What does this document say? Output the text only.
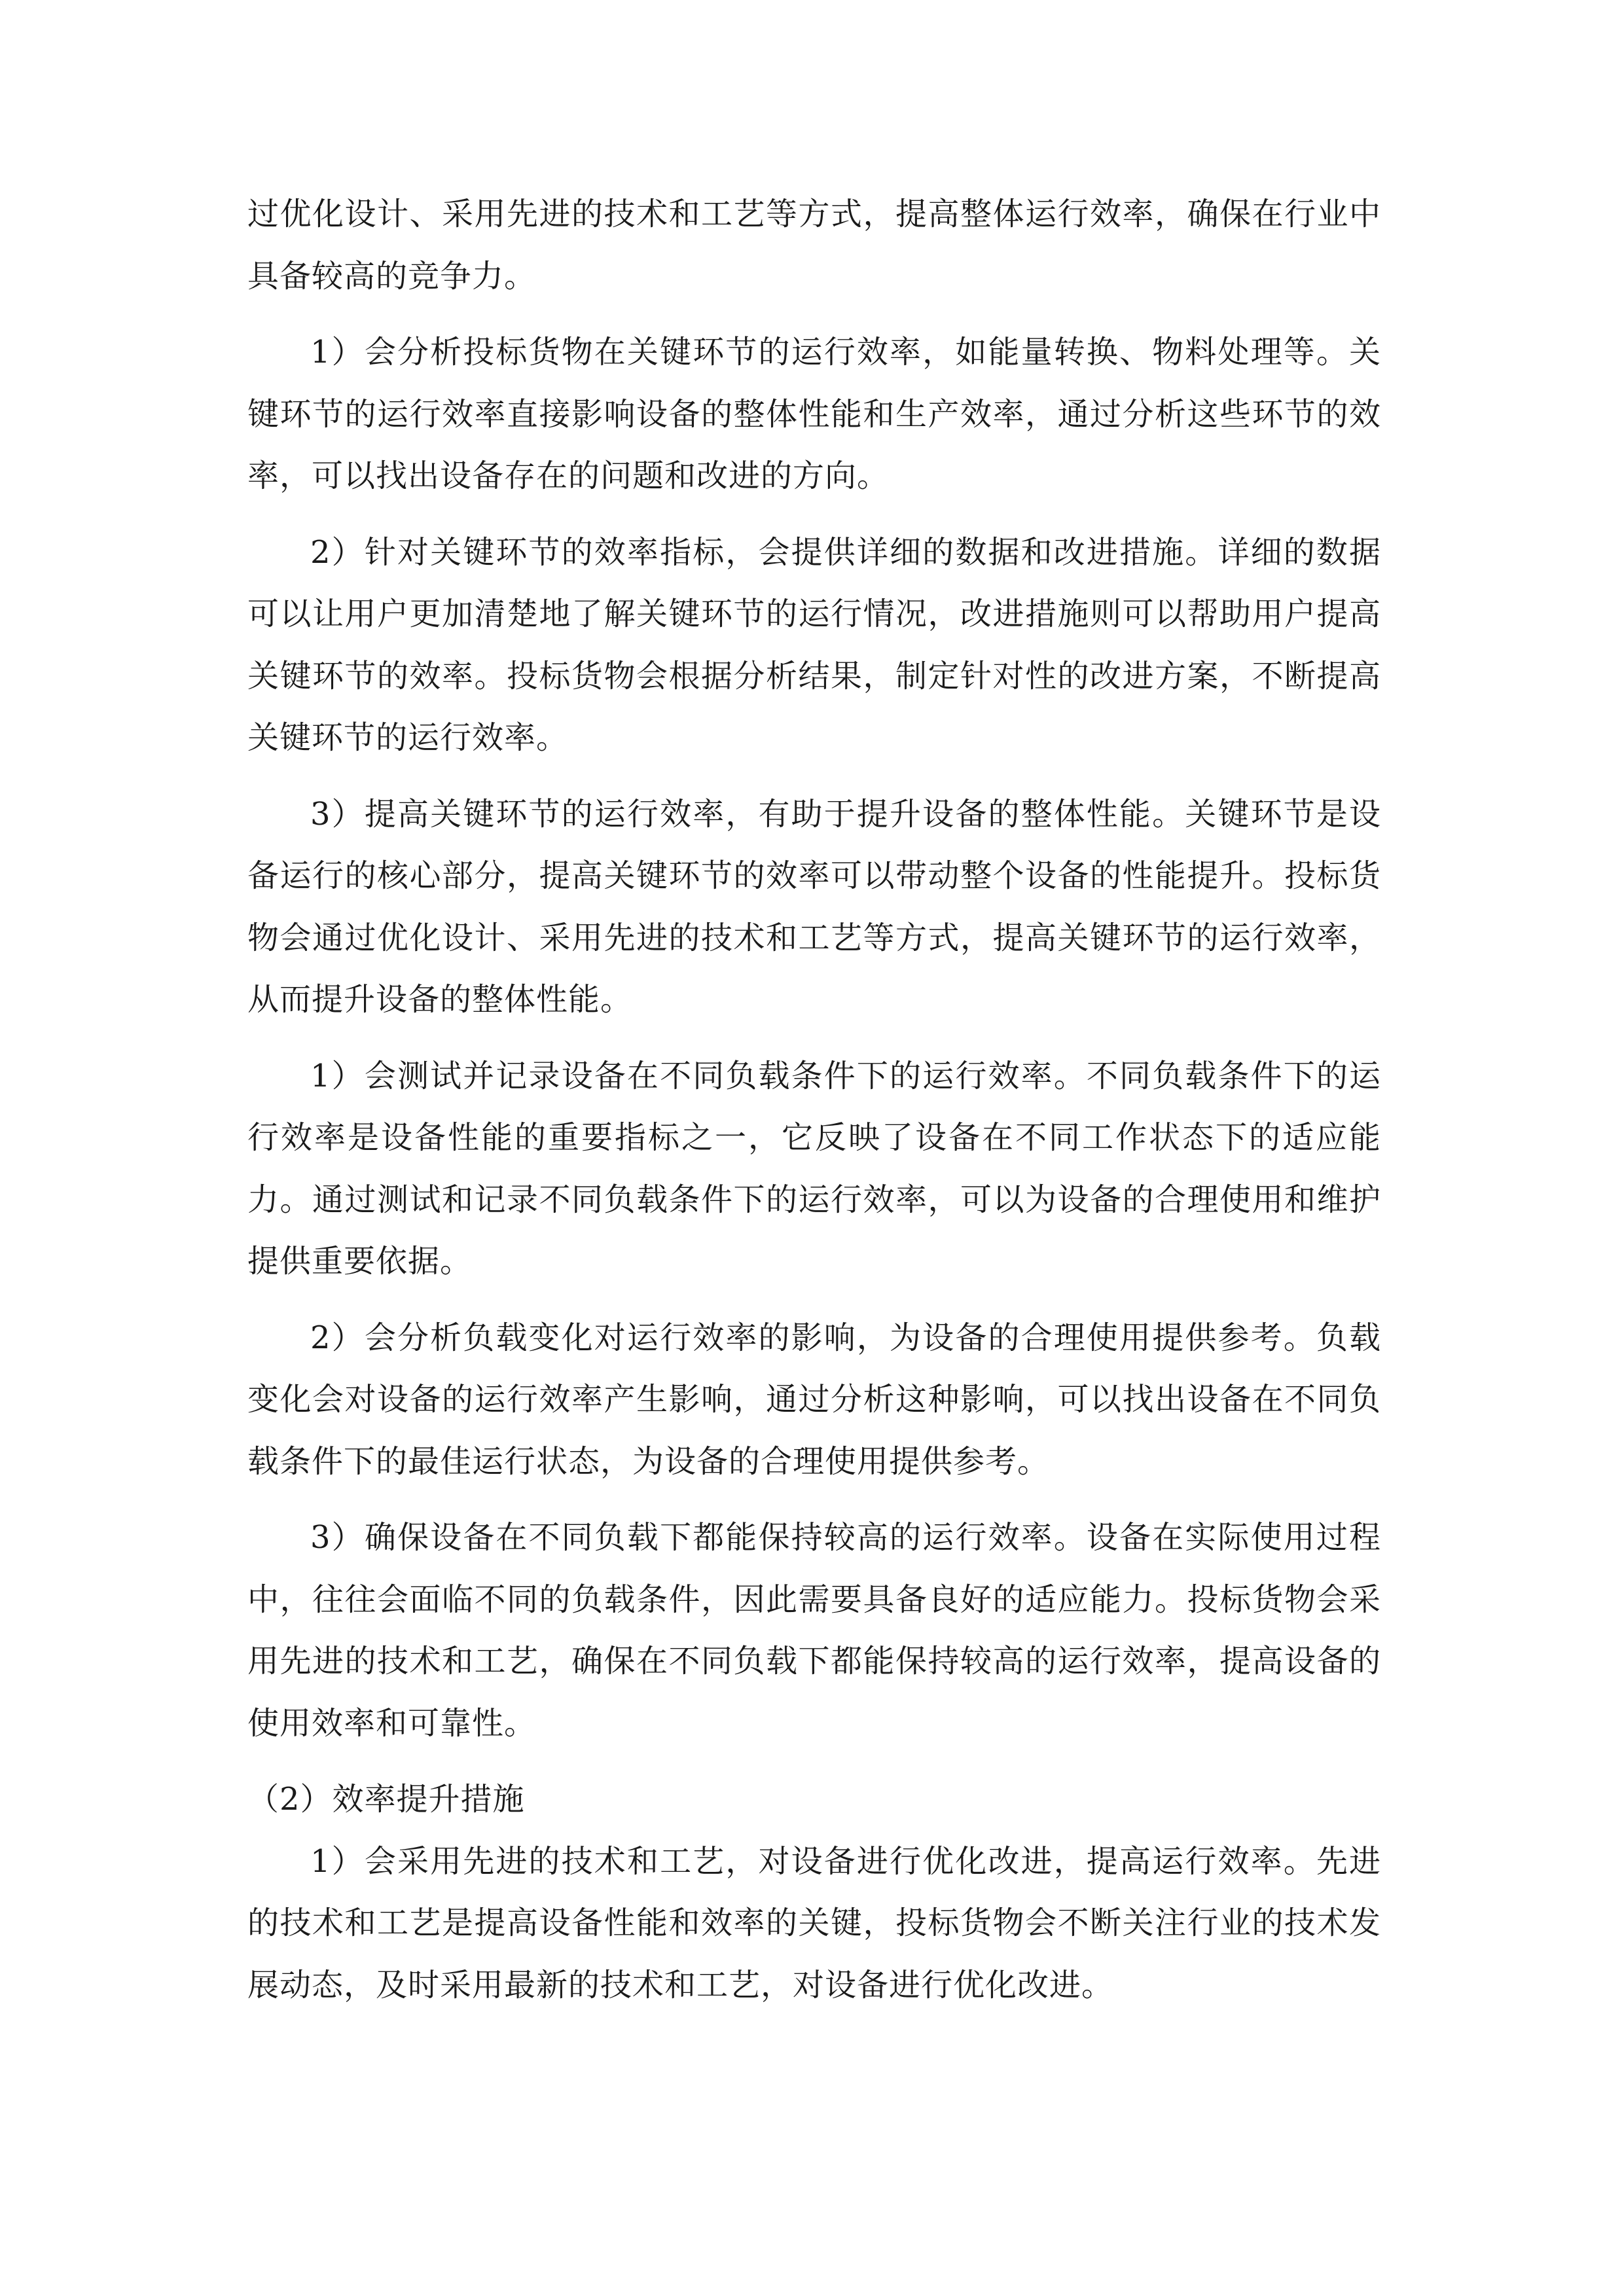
过优化设计、采用先进的技术和工艺等方式，提高整体运行效率，确保在行业中具备较高的竞争力。

1）会分析投标货物在关键环节的运行效率，如能量转换、物料处理等。关键环节的运行效率直接影响设备的整体性能和生产效率，通过分析这些环节的效率，可以找出设备存在的问题和改进的方向。

2）针对关键环节的效率指标，会提供详细的数据和改进措施。详细的数据可以让用户更加清楚地了解关键环节的运行情况，改进措施则可以帮助用户提高关键环节的效率。投标货物会根据分析结果，制定针对性的改进方案，不断提高关键环节的运行效率。

3）提高关键环节的运行效率，有助于提升设备的整体性能。关键环节是设备运行的核心部分，提高关键环节的效率可以带动整个设备的性能提升。投标货物会通过优化设计、采用先进的技术和工艺等方式，提高关键环节的运行效率，从而提升设备的整体性能。

1）会测试并记录设备在不同负载条件下的运行效率。不同负载条件下的运行效率是设备性能的重要指标之一，它反映了设备在不同工作状态下的适应能力。通过测试和记录不同负载条件下的运行效率，可以为设备的合理使用和维护提供重要依据。

2）会分析负载变化对运行效率的影响，为设备的合理使用提供参考。负载变化会对设备的运行效率产生影响，通过分析这种影响，可以找出设备在不同负载条件下的最佳运行状态，为设备的合理使用提供参考。

3）确保设备在不同负载下都能保持较高的运行效率。设备在实际使用过程中，往往会面临不同的负载条件，因此需要具备良好的适应能力。投标货物会采用先进的技术和工艺，确保在不同负载下都能保持较高的运行效率，提高设备的使用效率和可靠性。

（2）效率提升措施

1）会采用先进的技术和工艺，对设备进行优化改进，提高运行效率。先进的技术和工艺是提高设备性能和效率的关键，投标货物会不断关注行业的技术发展动态，及时采用最新的技术和工艺，对设备进行优化改进。
